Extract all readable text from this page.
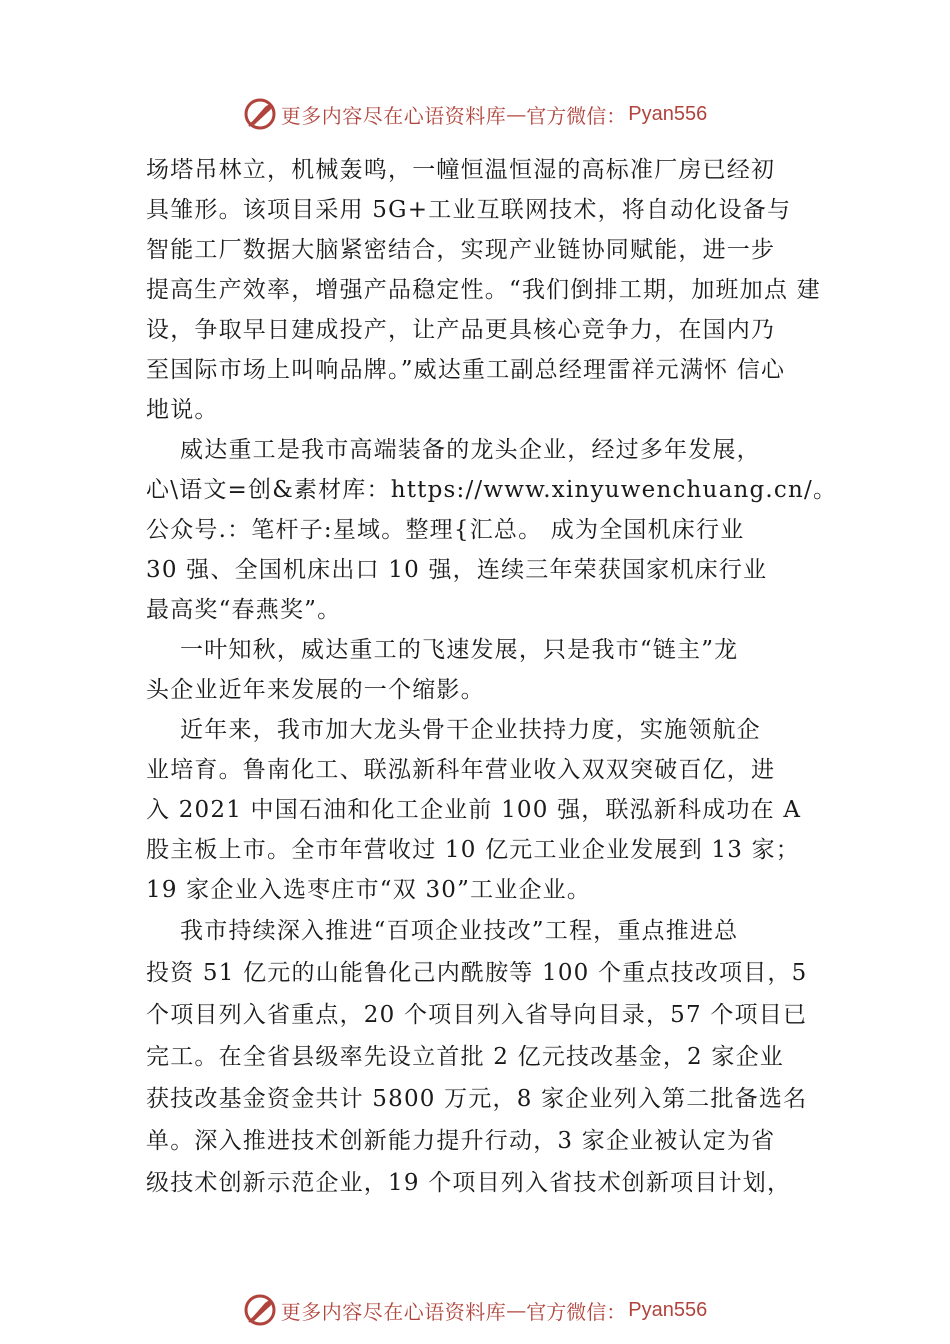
更多内容尽在心语资料库 — 官方微信： Pyan556
场塔吊林立，机械轰鸣，一幢恒温恒湿的高标准厂房已经初
具雏形。该项目采用 5G+工业互联网技术，将自动化设备与
智能工厂数据大脑紧密结合，实现产业链协同赋能，进一步
提高生产效率，增强产品稳定性。“我们倒排工期，加班加点 建
设，争取早日建成投产，让产品更具核心竞争力，在国内乃
至国际市场上叫响品牌。”威达重工副总经理雷祥元满怀 信心
地说。
威达重工是我市高端装备的龙头企业，经过多年发展，
心\语文=创&素材库：https://www.xinyuwenchuang.cn/。
公众号.：笔杆子:星域。整理{汇总。 成为全国机床行业
30 强、全国机床出口 10 强，连续三年荣获国家机床行业
最高奖“春燕奖”。
一叶知秋，威达重工的飞速发展，只是我市“链主”龙
头企业近年来发展的一个缩影。
近年来，我市加大龙头骨干企业扶持力度，实施领航企
业培育。鲁南化工、联泓新科年营业收入双双突破百亿，进
入 2021 中国石油和化工企业前 100 强，联泓新科成功在 A
股主板上市。全市年营收过 10 亿元工业企业发展到 13 家；
19 家企业入选枣庄市“双 30”工业企业。
我市持续深入推进“百项企业技改”工程，重点推进总
投资 51 亿元的山能鲁化己内酰胺等 100 个重点技改项目，5
个项目列入省重点，20 个项目列入省导向目录，57 个项目已
完工。在全省县级率先设立首批 2 亿元技改基金，2 家企业
获技改基金资金共计 5800 万元，8 家企业列入第二批备选名
单。深入推进技术创新能力提升行动，3 家企业被认定为省
级技术创新示范企业，19 个项目列入省技术创新项目计划，
更多内容尽在心语资料库 — 官方微信： Pyan556
